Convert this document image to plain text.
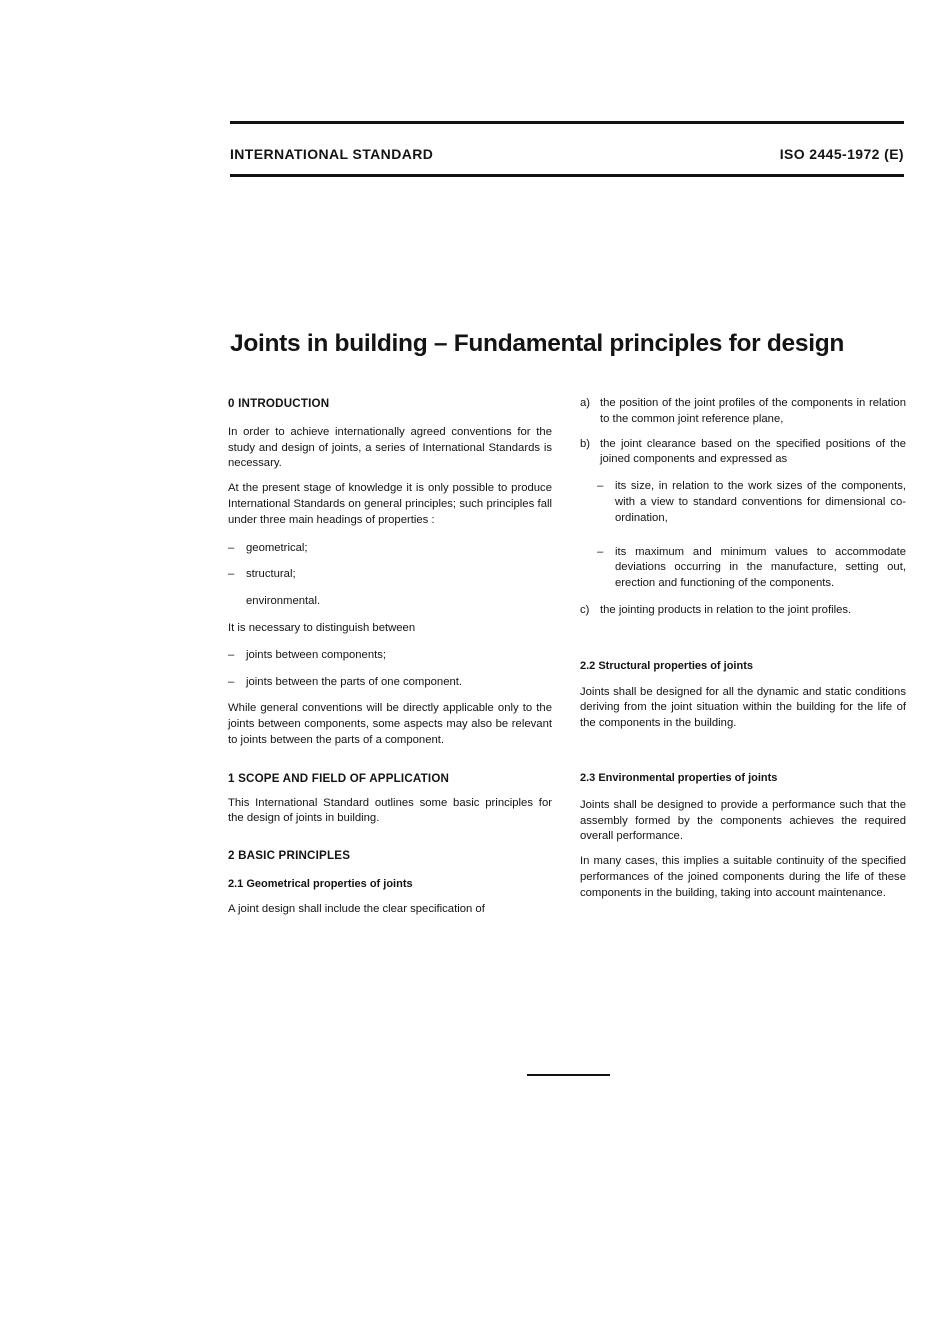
INTERNATIONAL STANDARD	ISO 2445-1972 (E)
Joints in building – Fundamental principles for design

0 INTRODUCTION

In order to achieve internationally agreed conventions for the study and design of joints, a series of International Standards is necessary.

At the present stage of knowledge it is only possible to produce International Standards on general principles; such principles fall under three main headings of properties :

–	geometrical;
–	structural;
environmental.

It is necessary to distinguish between

–	joints between components;
–	joints between the parts of one component.

While general conventions will be directly applicable only to the joints between components, some aspects may also be relevant to joints between the parts of a component.

1 SCOPE AND FIELD OF APPLICATION

This International Standard outlines some basic principles for the design of joints in building.

2 BASIC PRINCIPLES

2.1 Geometrical properties of joints

A joint design shall include the clear specification of

a) the position of the joint profiles of the components in relation to the common joint reference plane,
b) the joint clearance based on the specified positions of the joined components and expressed as
–	its size, in relation to the work sizes of the components, with a view to standard conventions for dimensional co-ordination,
–	its maximum and minimum values to accommodate deviations occurring in the manufacture, setting out, erection and functioning of the components.
c) the jointing products in relation to the joint profiles.

2.2 Structural properties of joints

Joints shall be designed for all the dynamic and static conditions deriving from the joint situation within the building for the life of the components in the building.

2.3 Environmental properties of joints

Joints shall be designed to provide a performance such that the assembly formed by the components achieves the required overall performance.

In many cases, this implies a suitable continuity of the specified performances of the joined components during the life of these components in the building, taking into account maintenance.
